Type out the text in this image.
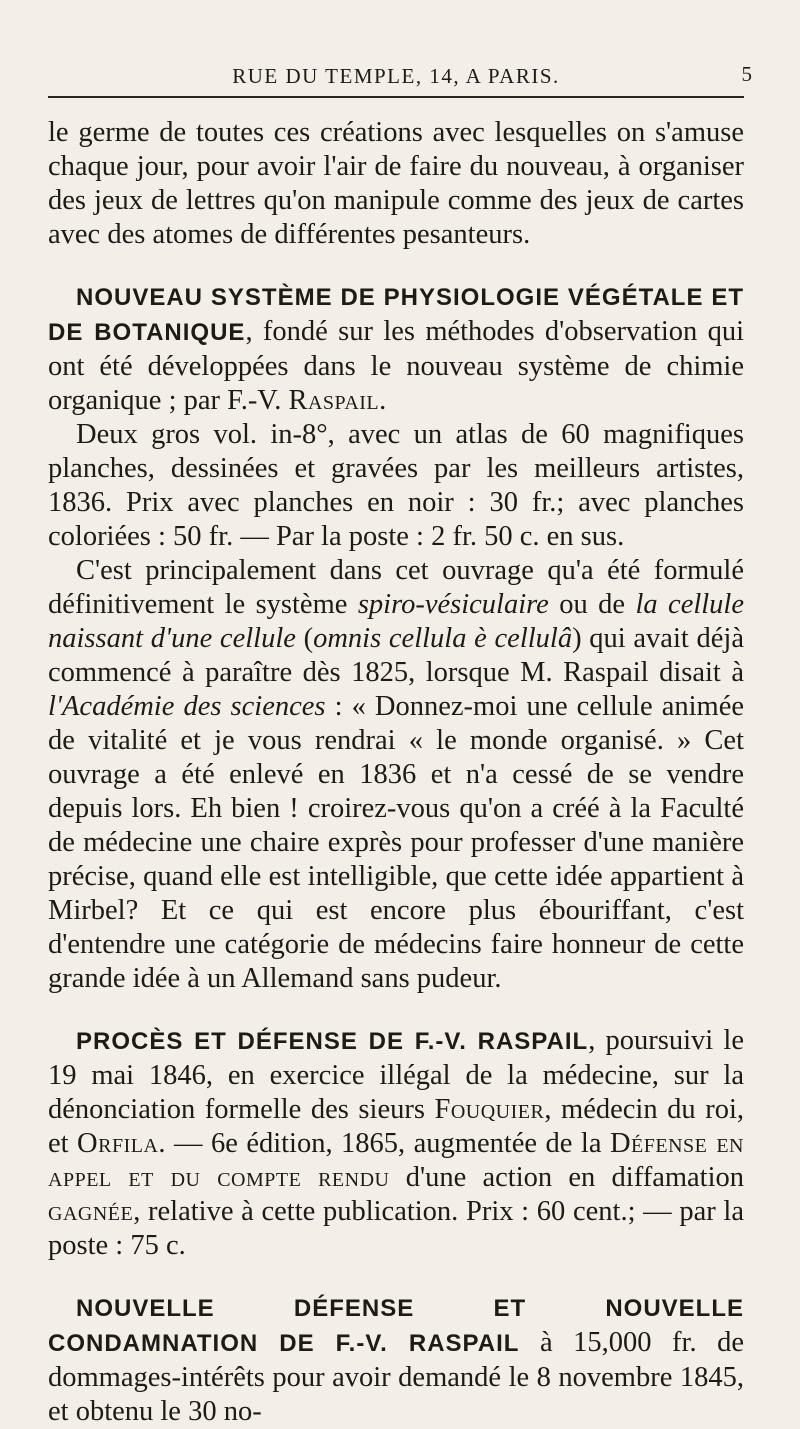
RUE DU TEMPLE, 14, A PARIS.	5

le germe de toutes ces créations avec lesquelles on s'amuse chaque jour, pour avoir l'air de faire du nouveau, à organiser des jeux de lettres qu'on manipule comme des jeux de cartes avec des atomes de différentes pesanteurs.

NOUVEAU SYSTÈME DE PHYSIOLOGIE VÉGÉTALE ET DE BOTANIQUE, fondé sur les méthodes d'observation qui ont été développées dans le nouveau système de chimie organique ; par F.-V. Raspail.

Deux gros vol. in-8°, avec un atlas de 60 magnifiques planches, dessinées et gravées par les meilleurs artistes, 1836. Prix avec planches en noir : 30 fr.; avec planches coloriées : 50 fr. — Par la poste : 2 fr. 50 c. en sus.

C'est principalement dans cet ouvrage qu'a été formulé définitivement le système spiro-vésiculaire ou de la cellule naissant d'une cellule (omnis cellula è cellulâ) qui avait déjà commencé à paraître dès 1825, lorsque M. Raspail disait à l'Académie des sciences : « Donnez-moi une cellule animée de vitalité et je vous rendrai « le monde organisé. » Cet ouvrage a été enlevé en 1836 et n'a cessé de se vendre depuis lors. Eh bien ! croirez-vous qu'on a créé à la Faculté de médecine une chaire exprès pour professer d'une manière précise, quand elle est intelligible, que cette idée appartient à Mirbel? Et ce qui est encore plus ébouriffant, c'est d'entendre une catégorie de médecins faire honneur de cette grande idée à un Allemand sans pudeur.

PROCÈS ET DÉFENSE DE F.-V. RASPAIL, poursuivi le 19 mai 1846, en exercice illégal de la médecine, sur la dénonciation formelle des sieurs Fouquier, médecin du roi, et Orfila. — 6e édition, 1865, augmentée de la Défense en appel et du compte rendu d'une action en diffamation gagnée, relative à cette publication. Prix : 60 cent.; — par la poste : 75 c.

NOUVELLE DÉFENSE ET NOUVELLE CONDAMNATION DE F.-V. RASPAIL à 15,000 fr. de dommages-intérêts pour avoir demandé le 8 novembre 1845, et obtenu le 30 no-
